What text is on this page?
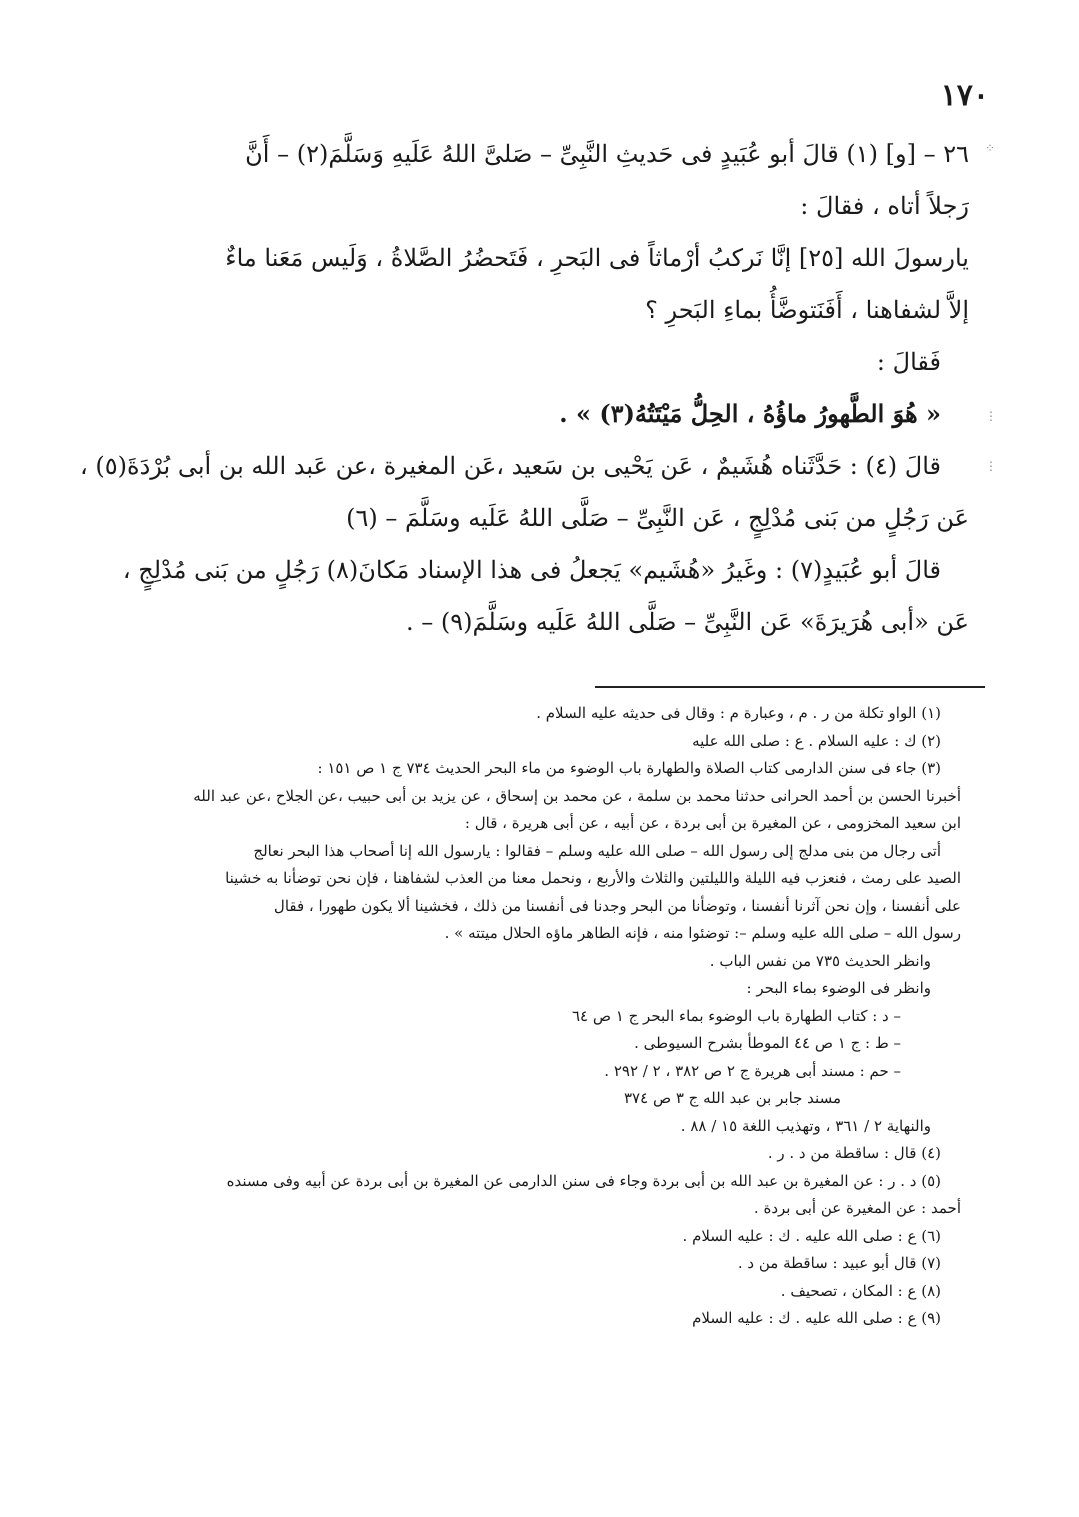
١٧٠
⁘
⋮
⋮
٢٦ – [و] (١) قالَ أبو عُبَيدٍ فى حَديثِ النَّبِىِّ – صَلىَّ اللهُ عَلَيهِ وَسَلَّمَ(٢) – أَنَّ
رَجلاً أتاه ، فقالَ :
يارسولَ الله [٢٥] إنَّا نَركبُ أرْماثاً فى البَحرِ ، فَتَحضُرُ الصَّلاةُ ، وَلَيس مَعَنا ماءٌ
إلاَّ لشفاهنا ، أَفَنَتوضَّأُ بماءِ البَحرِ ؟
فَقالَ :
« هُوَ الطَّهورُ ماؤُهُ ، الحِلُّ مَيْتَتُهُ(٣) » .
قالَ (٤) : حَدَّثَناه هُشَيمٌ ، عَن يَحْيى بن سَعيد ،عَن المغيرة ،عن عَبد الله بن أبى بُرْدَةَ(٥) ،
عَن رَجُلٍ من بَنى مُدْلِجٍ ، عَن النَّبِىِّ – صَلَّى اللهُ عَلَيه وسَلَّمَ – (٦)
قالَ أبو عُبَيدٍ(٧) : وغَيرُ «هُشَيم» يَجعلُ فى هذا الإسناد مَكانَ(٨) رَجُلٍ من بَنى مُدْلِجٍ ،
عَن «أبى هُرَيرَةَ» عَن النَّبِىِّ – صَلَّى اللهُ عَلَيه وسَلَّمَ(٩) – .
(١) الواو تكلة من ر . م ، وعبارة م : وقال فى حديثه عليه السلام .
(٢) ك : عليه السلام . ع : صلى الله عليه
(٣) جاء فى سنن الدارمى كتاب الصلاة والطهارة باب الوضوء من ماء البحر الحديث ٧٣٤ ج ١ ص ١٥١ :
أخبرنا الحسن بن أحمد الحرانى حدثنا محمد بن سلمة ، عن محمد بن إسحاق ، عن يزيد بن أبى حبيب ،عن الجلاح ،عن عبد الله
ابن سعيد المخزومى ، عن المغيرة بن أبى بردة ، عن أبيه ، عن أبى هريرة ، قال :
أتى رجال من بنى مدلج إلى رسول الله – صلى الله عليه وسلم – فقالوا : يارسول الله إنا أصحاب هذا البحر نعالج
الصيد على رمث ، فنعزب فيه الليلة والليلتين والثلاث والأربع ، ونحمل معنا من العذب لشفاهنا ، فإن نحن توضأنا به خشينا
على أنفسنا ، وإن نحن آثرنا أنفسنا ، وتوضأنا من البحر وجدنا فى أنفسنا من ذلك ، فخشينا ألا يكون طهورا ، فقال
رسول الله – صلى الله عليه وسلم –: توضئوا منه ، فإنه الطاهر ماؤه الحلال ميتته » .
وانظر الحديث ٧٣٥ من نفس الباب .
وانظر فى الوضوء بماء البحر :
– د : كتاب الطهارة باب الوضوء بماء البحر ج ١ ص ٦٤
– ط : ج ١ ص ٤٤ الموطأ بشرح السيوطى .
– حم : مسند أبى هريرة ج ٢ ص ٣٨٢ ، ٢ / ٢٩٢ .
مسند جابر بن عبد الله ج ٣ ص ٣٧٤
والنهاية ٢ / ٣٦١ ، وتهذيب اللغة ١٥ / ٨٨ .
(٤) قال : ساقطة من د . ر .
(٥) د . ر : عن المغيرة بن عبد الله بن أبى بردة وجاء فى سنن الدارمى عن المغيرة بن أبى بردة عن أبيه وفى مسنده
أحمد : عن المغيرة عن أبى بردة .
(٦) ع : صلى الله عليه . ك : عليه السلام .
(٧) قال أبو عبيد : ساقطة من د .
(٨) ع : المكان ، تصحيف .
(٩) ع : صلى الله عليه . ك : عليه السلام
